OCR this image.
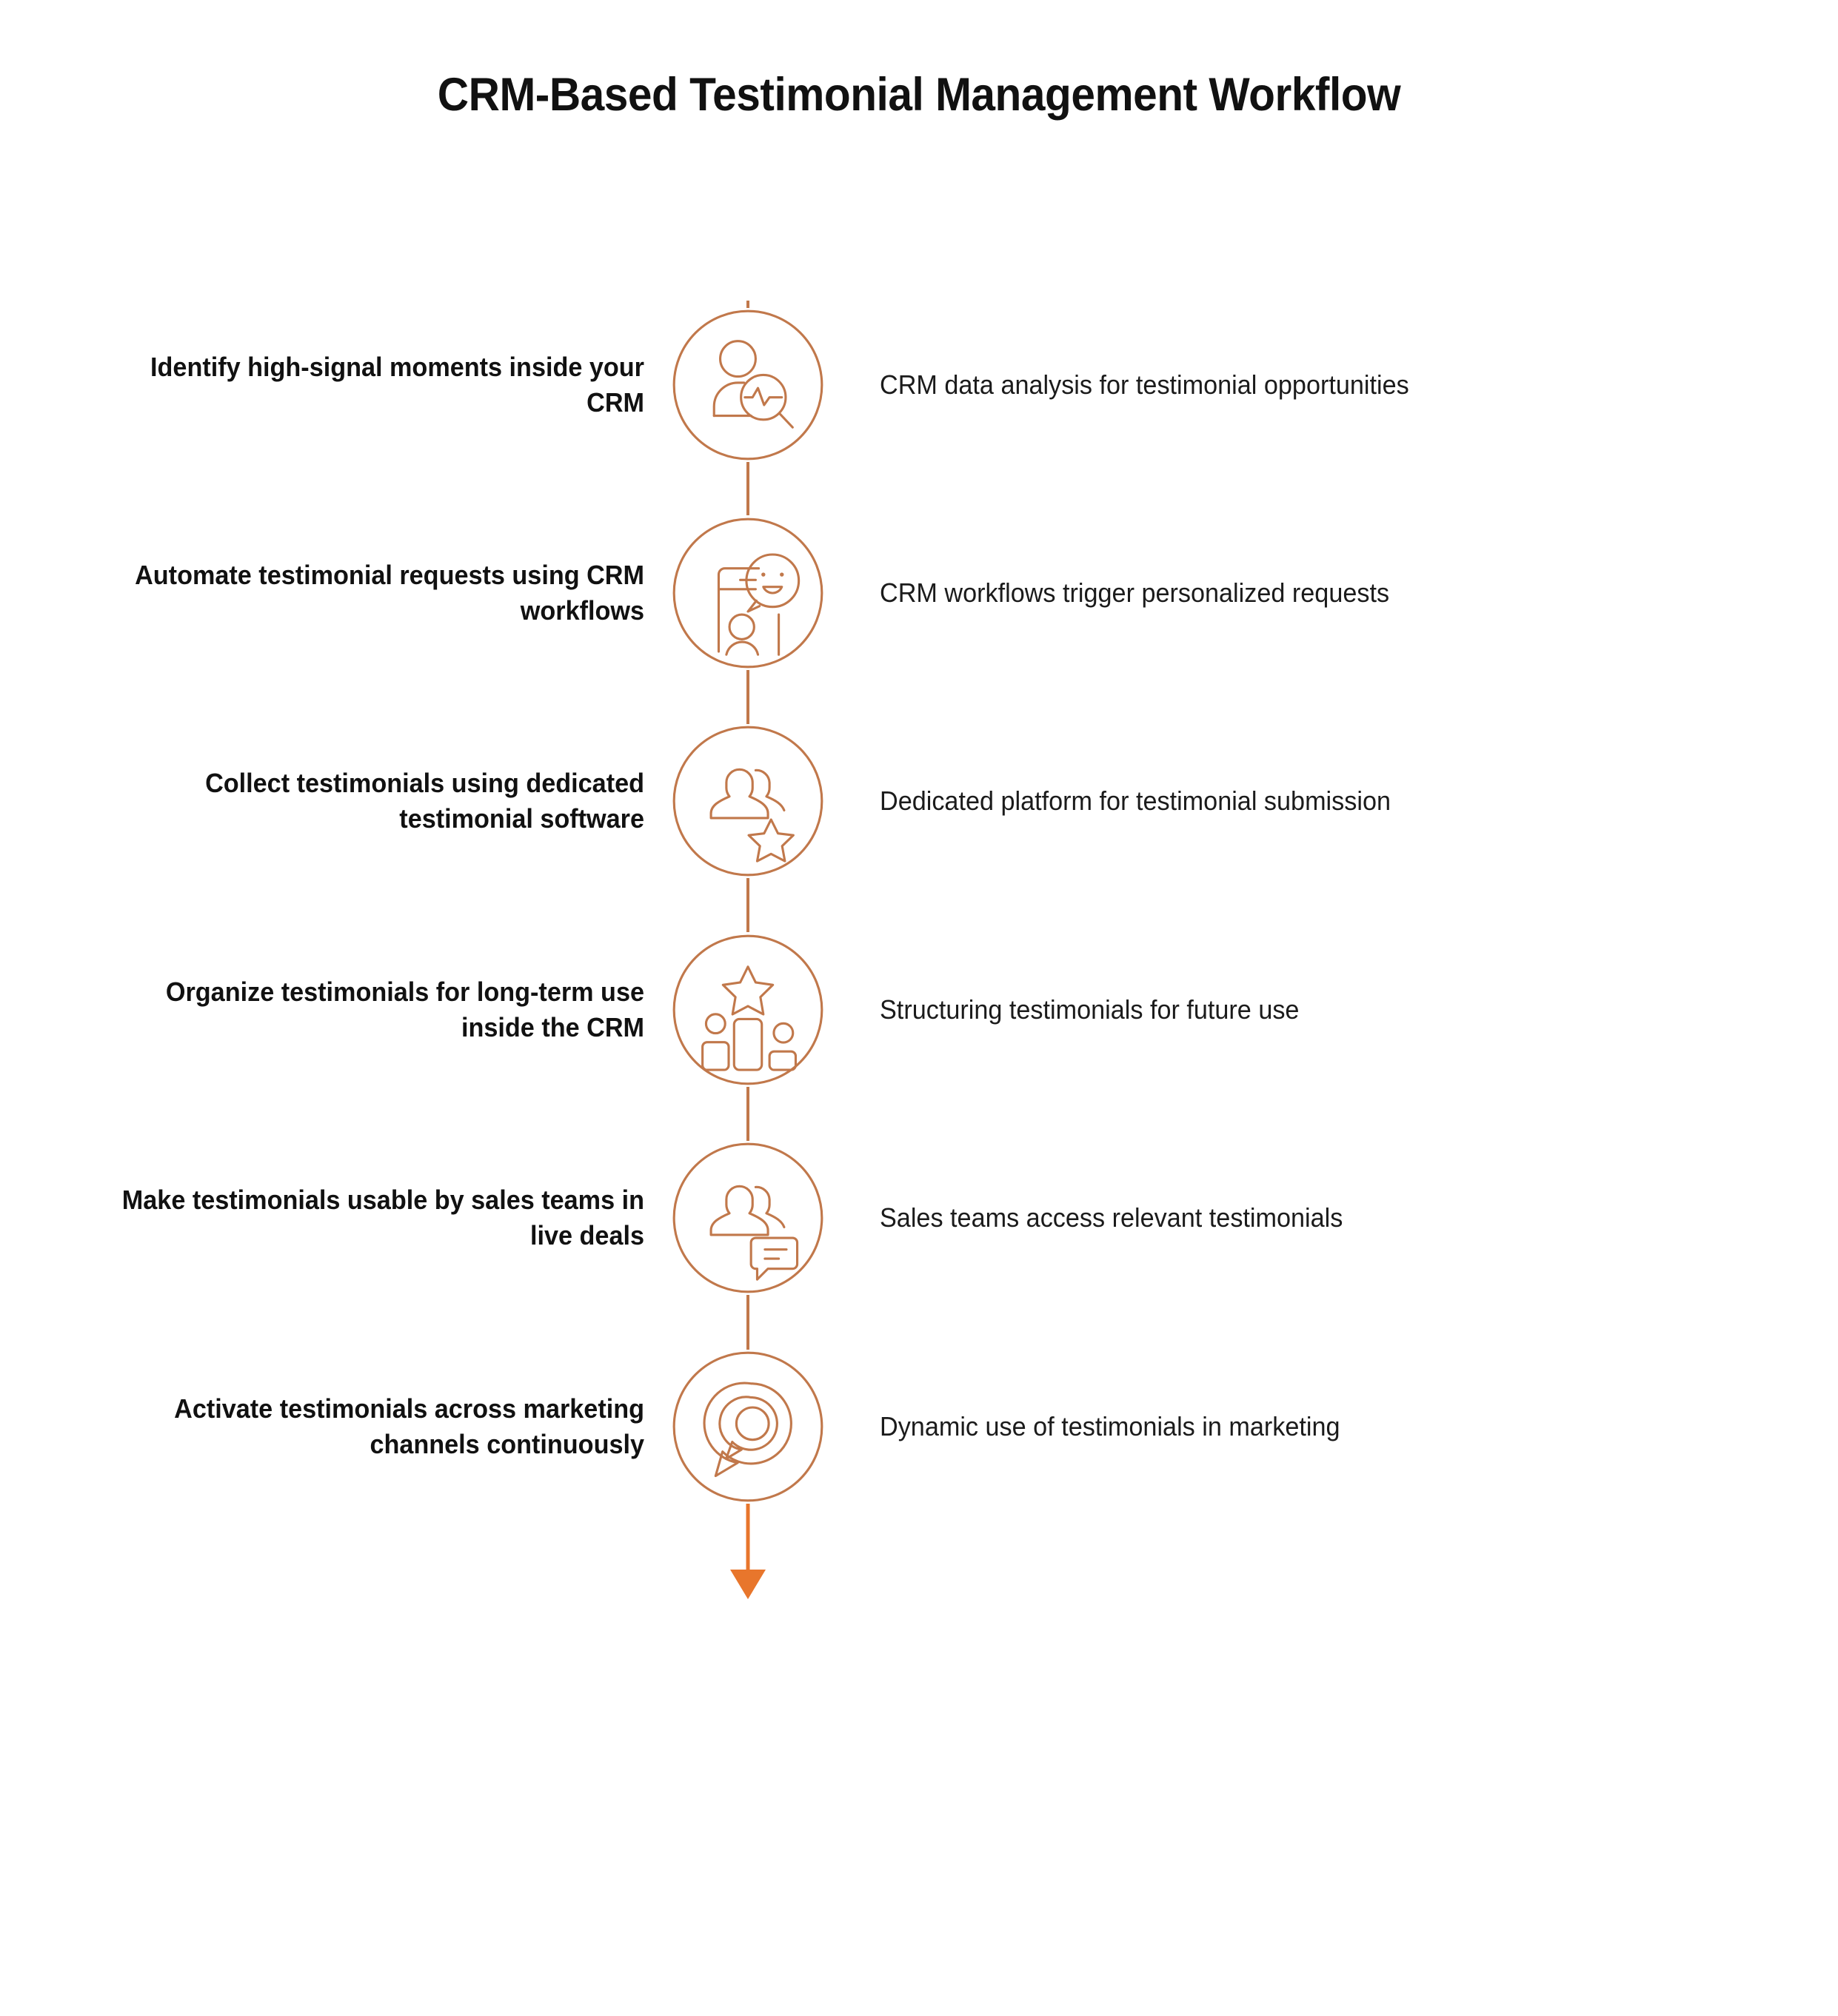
CRM-Based Testimonial Management Workflow
Identify high-signal moments inside your CRM
CRM data analysis for testimonial opportunities
Automate testimonial requests using CRM workflows
CRM workflows trigger personalized requests
Collect testimonials using dedicated testimonial software
Dedicated platform for testimonial submission
Organize testimonials for long-term use inside the CRM
Structuring testimonials for future use
Make testimonials usable by sales teams in live deals
Sales teams access relevant testimonials
Activate testimonials across marketing channels continuously
Dynamic use of testimonials in marketing
